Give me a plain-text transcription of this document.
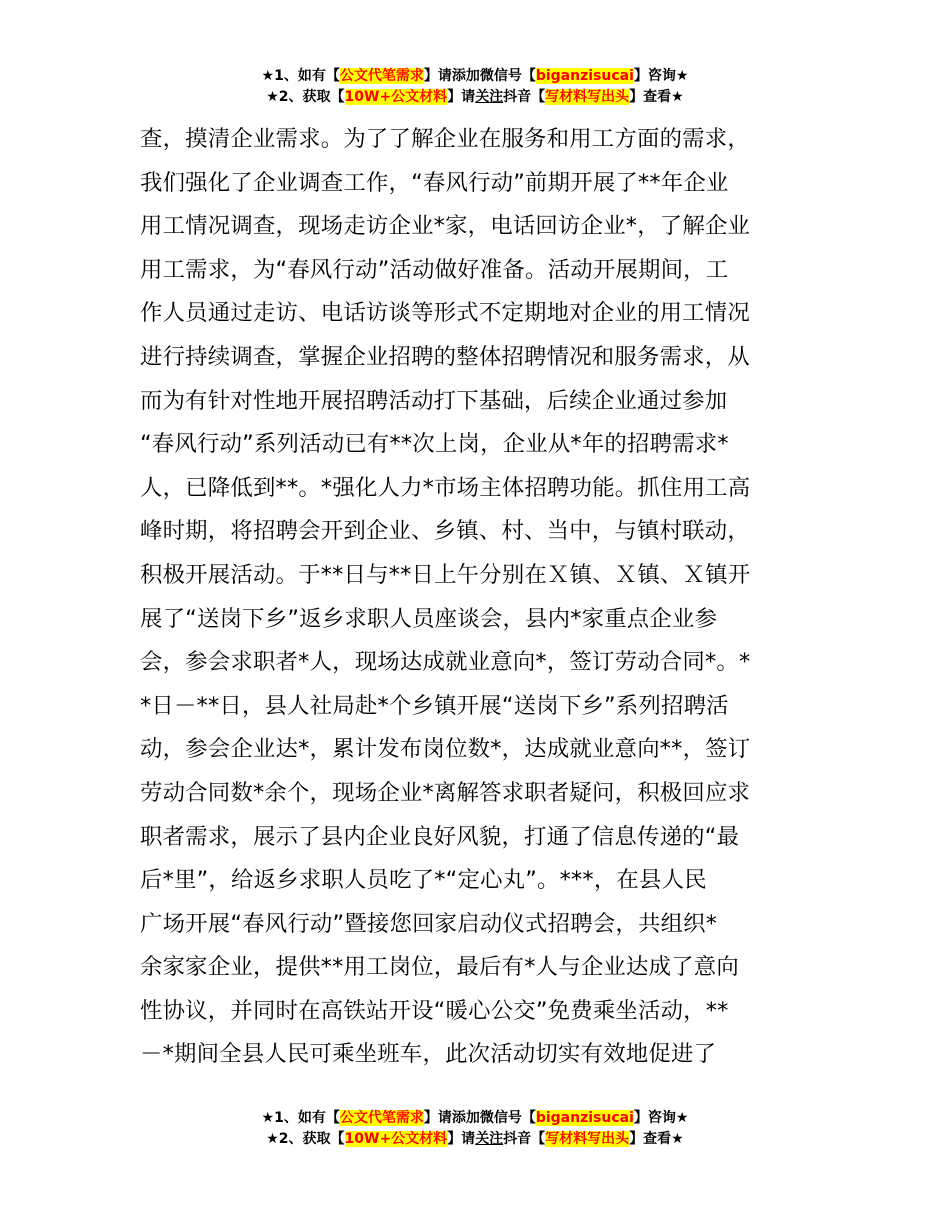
★1、如有【公文代笔需求】请添加微信号【biganzisucai】咨询★
★2、获取【10W+公文材料】请关注抖音【写材料写出头】查看★
查，摸清企业需求。为了了解企业在服务和用工方面的需求，
我们强化了企业调查工作，“春风行动”前期开展了**年企业
用工情况调查，现场走访企业*家，电话回访企业*，了解企业
用工需求，为“春风行动”活动做好准备。活动开展期间，工
作人员通过走访、电话访谈等形式不定期地对企业的用工情况
进行持续调查，掌握企业招聘的整体招聘情况和服务需求，从
而为有针对性地开展招聘活动打下基础，后续企业通过参加
“春风行动”系列活动已有**次上岗，企业从*年的招聘需求*
人，已降低到**。*强化人力*市场主体招聘功能。抓住用工高
峰时期，将招聘会开到企业、乡镇、村、当中，与镇村联动，
积极开展活动。于**日与**日上午分别在Ｘ镇、Ｘ镇、Ｘ镇开
展了“送岗下乡”返乡求职人员座谈会，县内*家重点企业参
会，参会求职者*人，现场达成就业意向*，签订劳动合同*。*
*日－**日，县人社局赴*个乡镇开展“送岗下乡”系列招聘活
动，参会企业达*，累计发布岗位数*，达成就业意向**，签订
劳动合同数*余个，现场企业*离解答求职者疑问，积极回应求
职者需求，展示了县内企业良好风貌，打通了信息传递的“最
后*里”，给返乡求职人员吃了*“定心丸”。***，在县人民
广场开展“春风行动”暨接您回家启动仪式招聘会，共组织*
余家家企业，提供**用工岗位，最后有*人与企业达成了意向
性协议，并同时在高铁站开设“暖心公交”免费乘坐活动，**
－*期间全县人民可乘坐班车，此次活动切实有效地促进了
★1、如有【公文代笔需求】请添加微信号【biganzisucai】咨询★
★2、获取【10W+公文材料】请关注抖音【写材料写出头】查看★
